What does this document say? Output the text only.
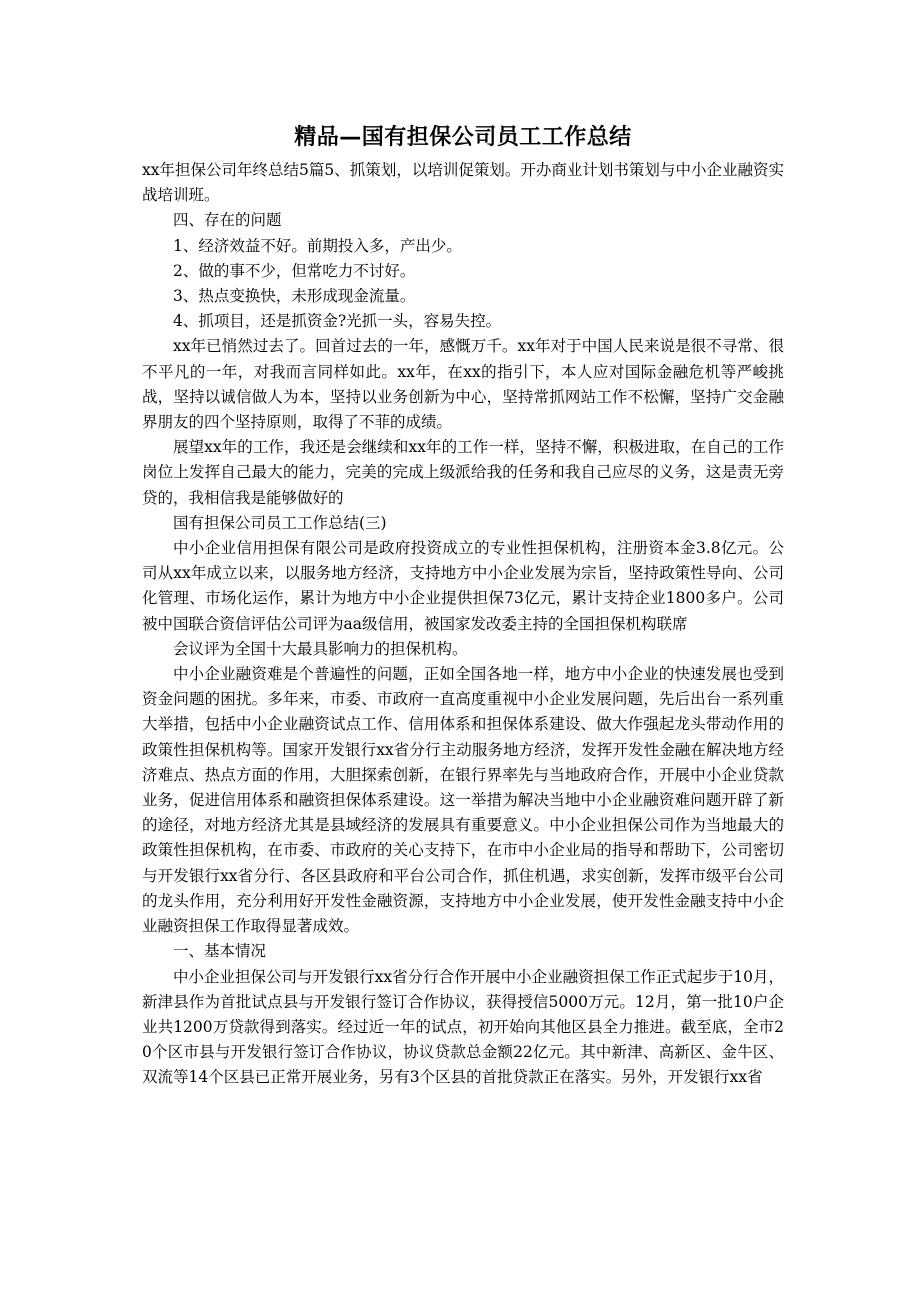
精品—国有担保公司员工工作总结

xx年担保公司年终总结5篇5、抓策划，以培训促策划。开办商业计划书策划与中小企业融资实战培训班。

四、存在的问题

1、经济效益不好。前期投入多，产出少。

2、做的事不少，但常吃力不讨好。

3、热点变换快，未形成现金流量。

4、抓项目，还是抓资金?光抓一头，容易失控。

xx年已悄然过去了。回首过去的一年，感慨万千。xx年对于中国人民来说是很不寻常、很不平凡的一年，对我而言同样如此。xx年，在xx的指引下，本人应对国际金融危机等严峻挑战，坚持以诚信做人为本，坚持以业务创新为中心，坚持常抓网站工作不松懈，坚持广交金融界朋友的四个坚持原则，取得了不菲的成绩。

展望xx年的工作，我还是会继续和xx年的工作一样，坚持不懈，积极进取，在自己的工作岗位上发挥自己最大的能力，完美的完成上级派给我的任务和我自己应尽的义务，这是责无旁贷的，我相信我是能够做好的

国有担保公司员工工作总结(三)

中小企业信用担保有限公司是政府投资成立的专业性担保机构，注册资本金3.8亿元。公司从xx年成立以来，以服务地方经济，支持地方中小企业发展为宗旨，坚持政策性导向、公司化管理、市场化运作，累计为地方中小企业提供担保73亿元，累计支持企业1800多户。公司被中国联合资信评估公司评为aa级信用，被国家发改委主持的全国担保机构联席

会议评为全国十大最具影响力的担保机构。

中小企业融资难是个普遍性的问题，正如全国各地一样，地方中小企业的快速发展也受到资金问题的困扰。多年来，市委、市政府一直高度重视中小企业发展问题，先后出台一系列重大举措，包括中小企业融资试点工作、信用体系和担保体系建设、做大作强起龙头带动作用的政策性担保机构等。国家开发银行xx省分行主动服务地方经济，发挥开发性金融在解决地方经济难点、热点方面的作用，大胆探索创新，在银行界率先与当地政府合作，开展中小企业贷款业务，促进信用体系和融资担保体系建设。这一举措为解决当地中小企业融资难问题开辟了新的途径，对地方经济尤其是县域经济的发展具有重要意义。中小企业担保公司作为当地最大的政策性担保机构，在市委、市政府的关心支持下，在市中小企业局的指导和帮助下，公司密切与开发银行xx省分行、各区县政府和平台公司合作，抓住机遇，求实创新，发挥市级平台公司的龙头作用，充分利用好开发性金融资源，支持地方中小企业发展，使开发性金融支持中小企业融资担保工作取得显著成效。

一、基本情况

中小企业担保公司与开发银行xx省分行合作开展中小企业融资担保工作正式起步于10月，新津县作为首批试点县与开发银行签订合作协议，获得授信5000万元。12月，第一批10户企业共1200万贷款得到落实。经过近一年的试点，初开始向其他区县全力推进。截至底，全市20个区市县与开发银行签订合作协议，协议贷款总金额22亿元。其中新津、高新区、金牛区、双流等14个区县已正常开展业务，另有3个区县的首批贷款正在落实。另外，开发银行xx省
